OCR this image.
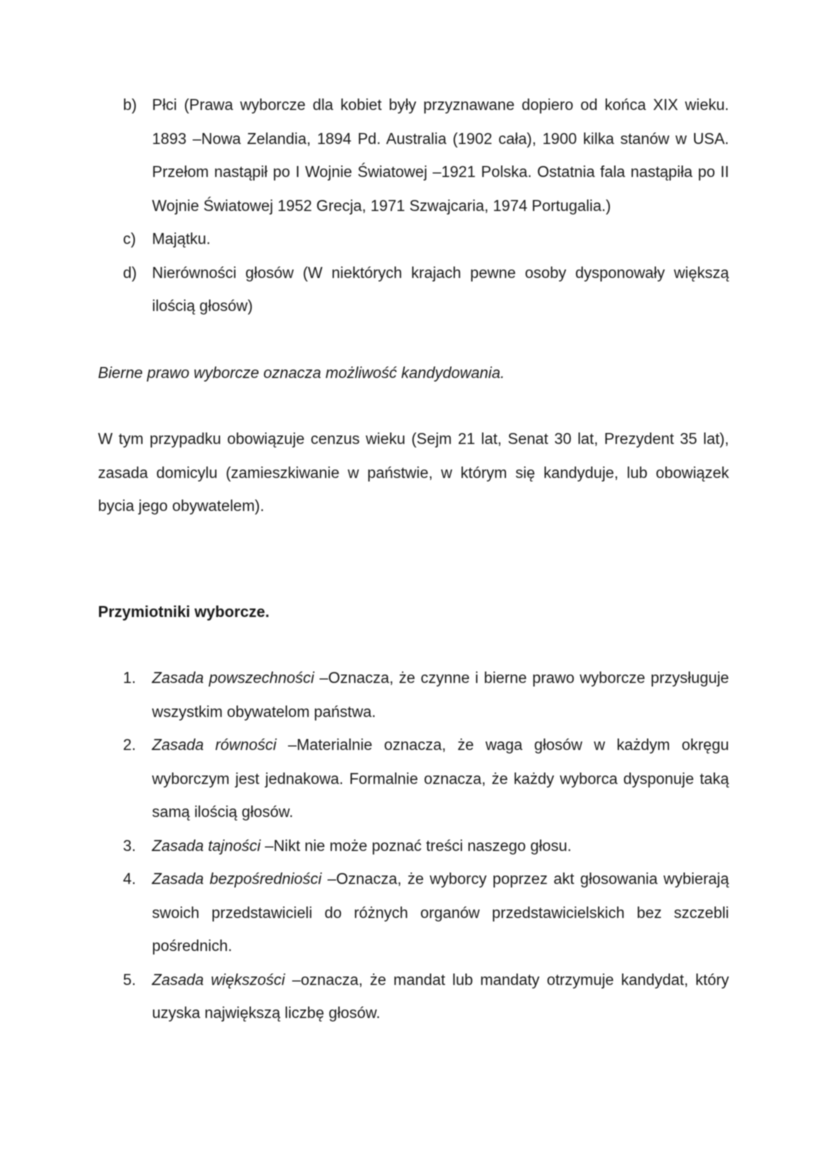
b) Płci (Prawa wyborcze dla kobiet były przyznawane dopiero od końca XIX wieku. 1893 –Nowa Zelandia, 1894 Pd. Australia (1902 cała), 1900 kilka stanów w USA. Przełom nastąpił po I Wojnie Światowej –1921 Polska. Ostatnia fala nastąpiła po II Wojnie Światowej 1952 Grecja, 1971 Szwajcaria, 1974 Portugalia.)
c) Majątku.
d) Nierówności głosów (W niektórych krajach pewne osoby dysponowały większą ilością głosów)
Bierne prawo wyborcze oznacza możliwość kandydowania.
W tym przypadku obowiązuje cenzus wieku (Sejm 21 lat, Senat 30 lat, Prezydent 35 lat), zasada domicylu (zamieszkiwanie w państwie, w którym się kandyduje, lub obowiązek bycia jego obywatelem).
Przymiotniki wyborcze.
1. Zasada powszechności –Oznacza, że czynne i bierne prawo wyborcze przysługuje wszystkim obywatelom państwa.
2. Zasada równości –Materialnie oznacza, że waga głosów w każdym okręgu wyborczym jest jednakowa. Formalnie oznacza, że każdy wyborca dysponuje taką samą ilością głosów.
3. Zasada tajności –Nikt nie może poznać treści naszego głosu.
4. Zasada bezpośredniości –Oznacza, że wyborcy poprzez akt głosowania wybierają swoich przedstawicieli do różnych organów przedstawicielskich bez szczebli pośrednich.
5. Zasada większości –oznacza, że mandat lub mandaty otrzymuje kandydat, który uzyska największą liczbę głosów.
